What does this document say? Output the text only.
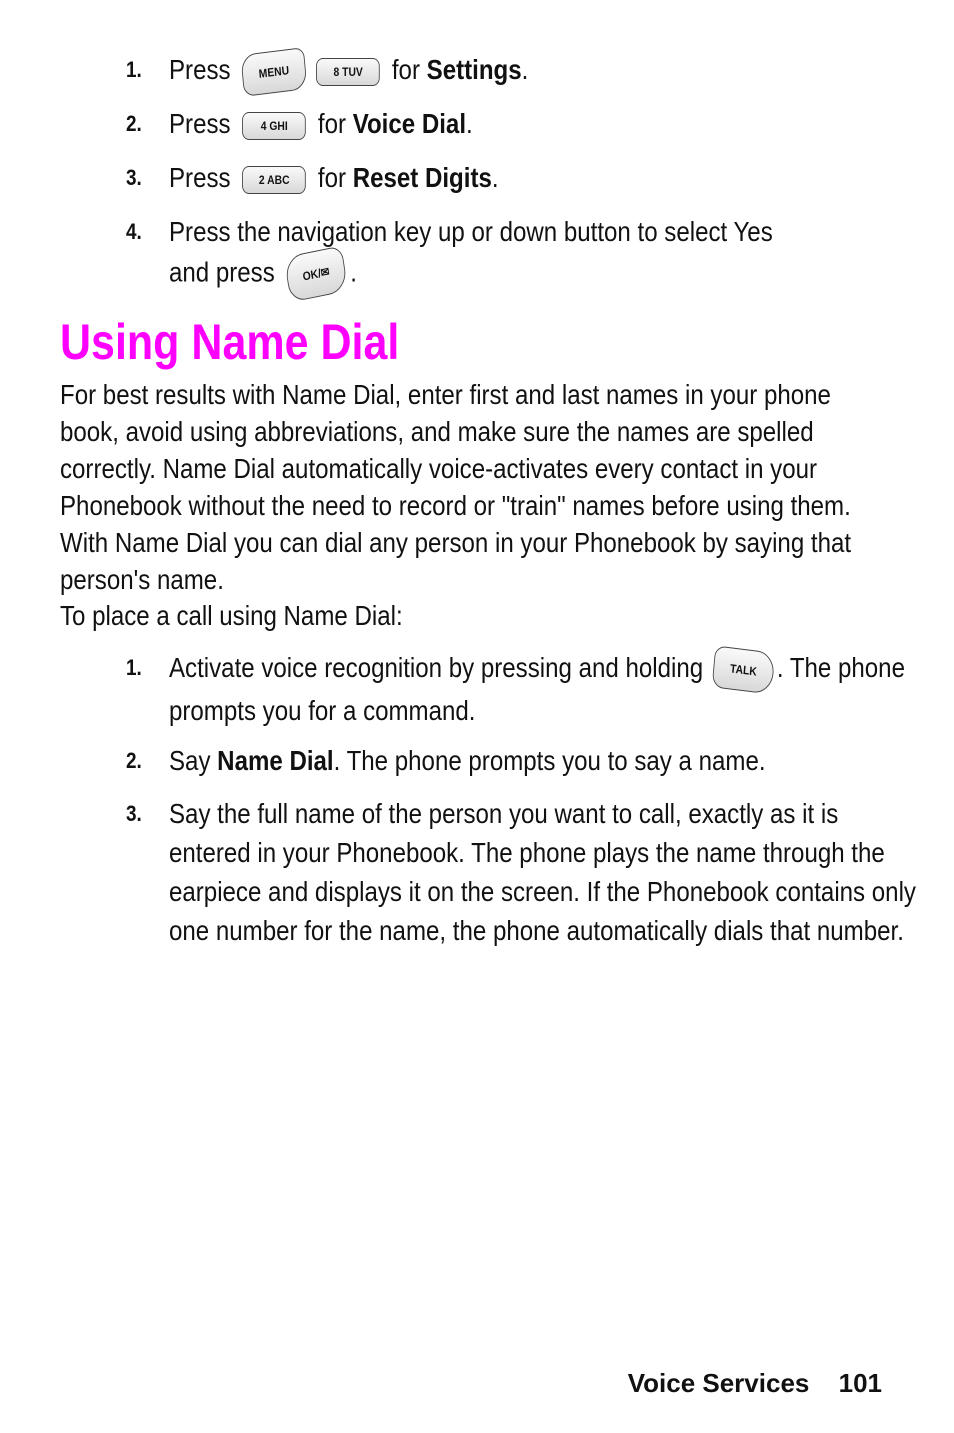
1. Press	MENU	8 TUV	for Settings.
2. Press	4 GHI	for Voice Dial.
3. Press	2 ABC	for Reset Digits.
4. Press the navigation key up or down button to select Yes
and press	OK/✉ .
Using Name Dial

For best results with Name Dial, enter first and last names in your phone book, avoid using abbreviations, and make sure the names are spelled correctly. Name Dial automatically voice-activates every contact in your Phonebook without the need to record or "train" names before using them. With Name Dial you can dial any person in your Phonebook by saying that person's name.

To place a call using Name Dial:

1. Activate voice recognition by pressing and holding	TALK . The phone prompts you for a command.
2. Say Name Dial. The phone prompts you to say a name.
3. Say the full name of the person you want to call, exactly as it is entered in your Phonebook. The phone plays the name through the earpiece and displays it on the screen. If the Phonebook contains only one number for the name, the phone automatically dials that number.
Voice Services 101
